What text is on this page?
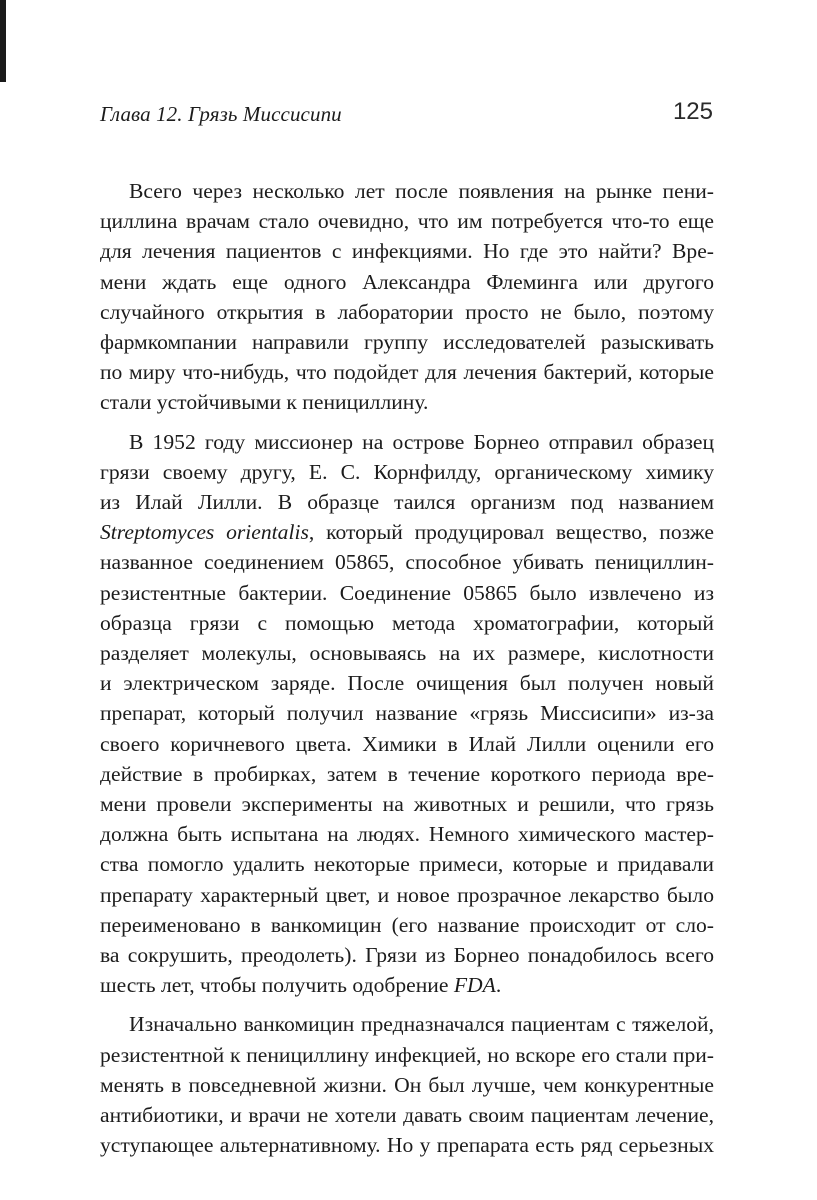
Глава 12. Грязь Миссисипи	125

Всего через несколько лет после появления на рынке пени-
циллина врачам стало очевидно, что им потребуется что-то еще
для лечения пациентов с инфекциями. Но где это найти? Вре-
мени ждать еще одного Александра Флеминга или другого
случайного открытия в лаборатории просто не было, поэтому
фармкомпании направили группу исследователей разыскивать
по миру что-нибудь, что подойдет для лечения бактерий, которые
стали устойчивыми к пенициллину.

В 1952 году миссионер на острове Борнео отправил образец
грязи своему другу, Е. С. Корнфилду, органическому химику
из Илай Лилли. В образце таился организм под названием
Streptomyces orientalis, который продуцировал вещество, позже
названное соединением 05865, способное убивать пенициллин-
резистентные бактерии. Соединение 05865 было извлечено из
образца грязи с помощью метода хроматографии, который
разделяет молекулы, основываясь на их размере, кислотности
и электрическом заряде. После очищения был получен новый
препарат, который получил название «грязь Миссисипи» из-за
своего коричневого цвета. Химики в Илай Лилли оценили его
действие в пробирках, затем в течение короткого периода вре-
мени провели эксперименты на животных и решили, что грязь
должна быть испытана на людях. Немного химического мастер-
ства помогло удалить некоторые примеси, которые и придавали
препарату характерный цвет, и новое прозрачное лекарство было
переименовано в ванкомицин (его название происходит от сло-
ва сокрушить, преодолеть). Грязи из Борнео понадобилось всего
шесть лет, чтобы получить одобрение FDA.

Изначально ванкомицин предназначался пациентам с тяжелой,
резистентной к пенициллину инфекцией, но вскоре его стали при-
менять в повседневной жизни. Он был лучше, чем конкурентные
антибиотики, и врачи не хотели давать своим пациентам лечение,
уступающее альтернативному. Но у препарата есть ряд серьезных
